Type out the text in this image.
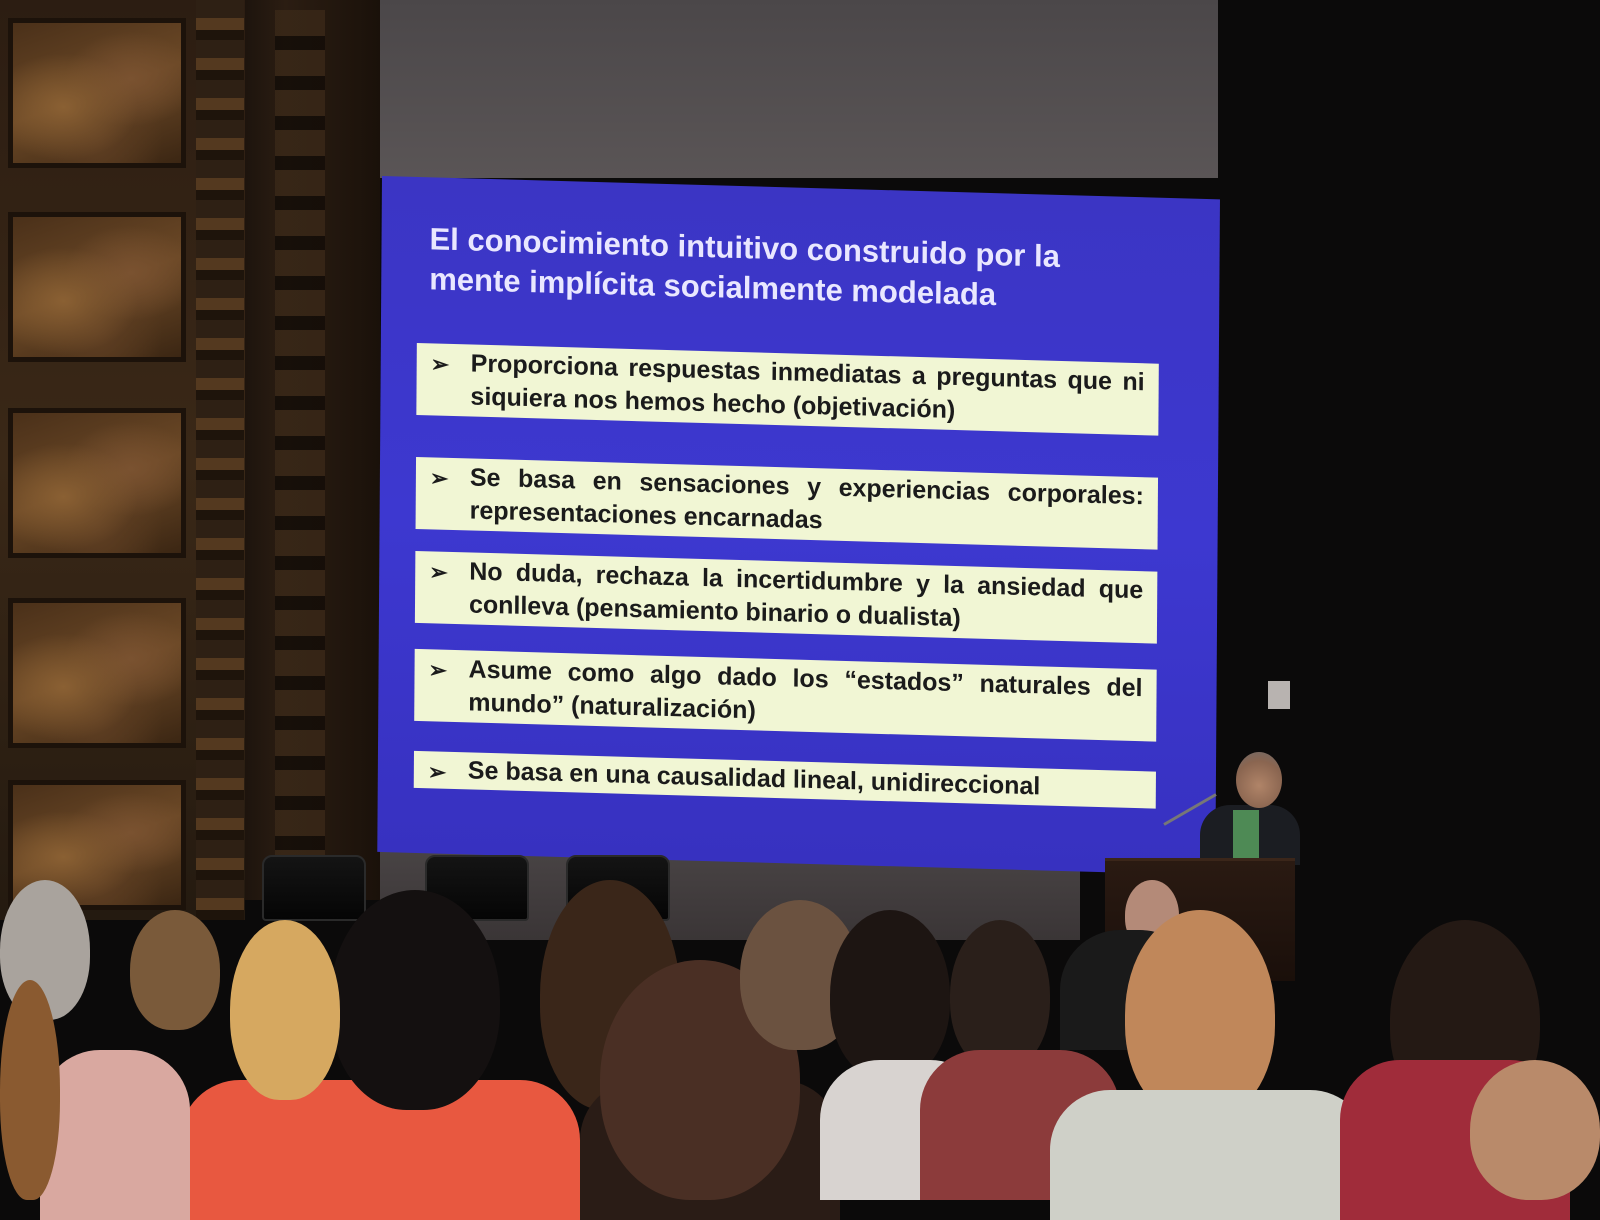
El conocimiento intuitivo construido por la mente implícita socialmente modelada
➢ Proporciona respuestas inmediatas a preguntas que ni siquiera nos hemos hecho (objetivación)
➢ Se basa en sensaciones y experiencias corporales: representaciones encarnadas
➢ No duda, rechaza la incertidumbre y la ansiedad que conlleva (pensamiento binario o dualista)
➢ Asume como algo dado los “estados” naturales del mundo” (naturalización)
➢ Se basa en una causalidad lineal, unidireccional
